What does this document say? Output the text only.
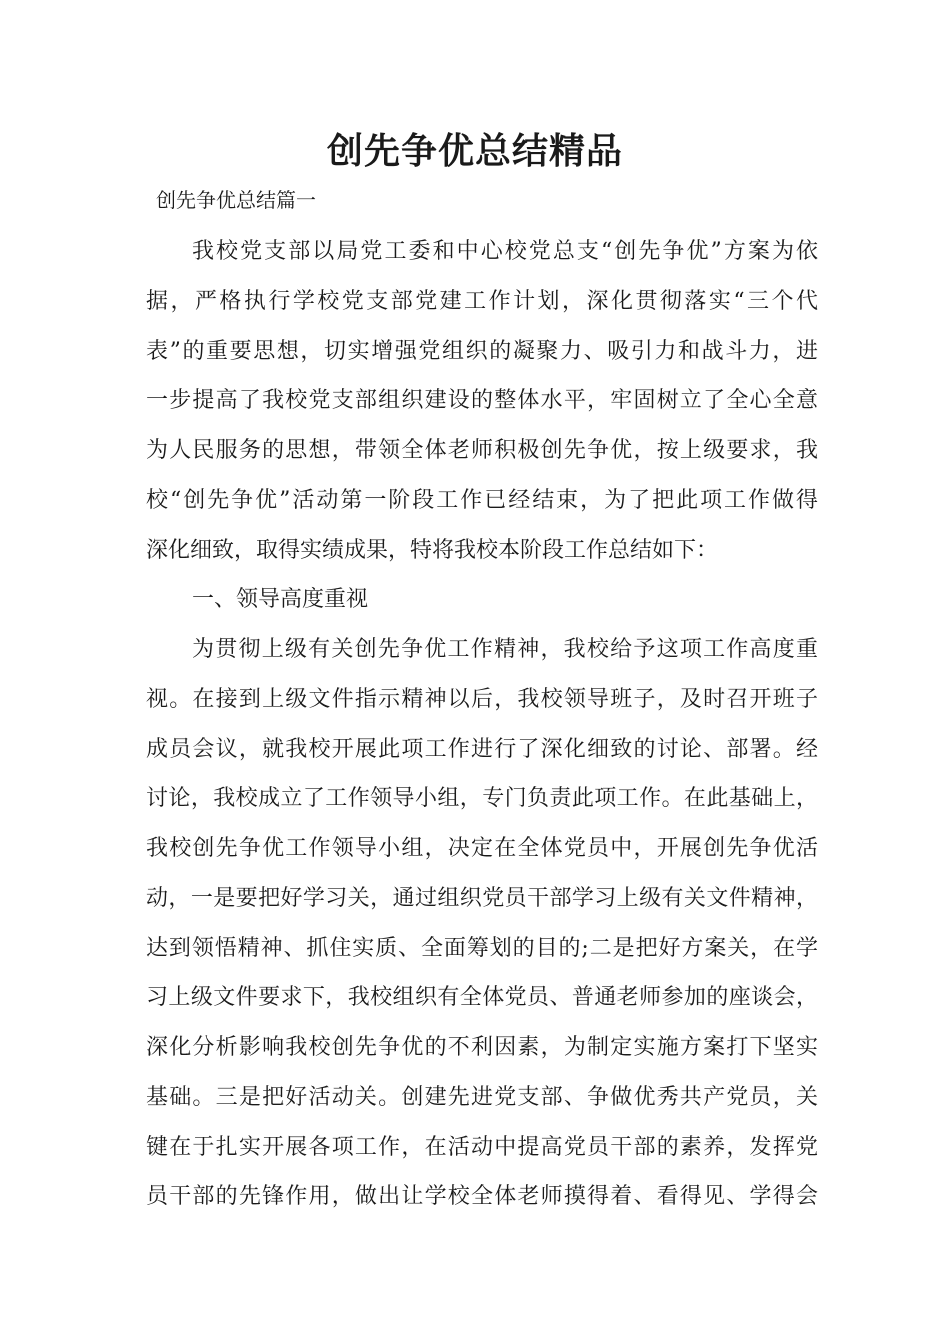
创先争优总结精品
创先争优总结篇一
我校党支部以局党工委和中心校党总支“创先争优”方案为依
据，严格执行学校党支部党建工作计划，深化贯彻落实“三个代
表”的重要思想，切实增强党组织的凝聚力、吸引力和战斗力，进
一步提高了我校党支部组织建设的整体水平，牢固树立了全心全意
为人民服务的思想，带领全体老师积极创先争优，按上级要求，我
校“创先争优”活动第一阶段工作已经结束，为了把此项工作做得
深化细致，取得实绩成果，特将我校本阶段工作总结如下：
一、领导高度重视
为贯彻上级有关创先争优工作精神，我校给予这项工作高度重
视。在接到上级文件指示精神以后，我校领导班子，及时召开班子
成员会议，就我校开展此项工作进行了深化细致的讨论、部署。经
讨论，我校成立了工作领导小组，专门负责此项工作。在此基础上，
我校创先争优工作领导小组，决定在全体党员中，开展创先争优活
动，一是要把好学习关，通过组织党员干部学习上级有关文件精神，
达到领悟精神、抓住实质、全面筹划的目的;二是把好方案关，在学
习上级文件要求下，我校组织有全体党员、普通老师参加的座谈会，
深化分析影响我校创先争优的不利因素，为制定实施方案打下坚实
基础。三是把好活动关。创建先进党支部、争做优秀共产党员，关
键在于扎实开展各项工作，在活动中提高党员干部的素养，发挥党
员干部的先锋作用，做出让学校全体老师摸得着、看得见、学得会
